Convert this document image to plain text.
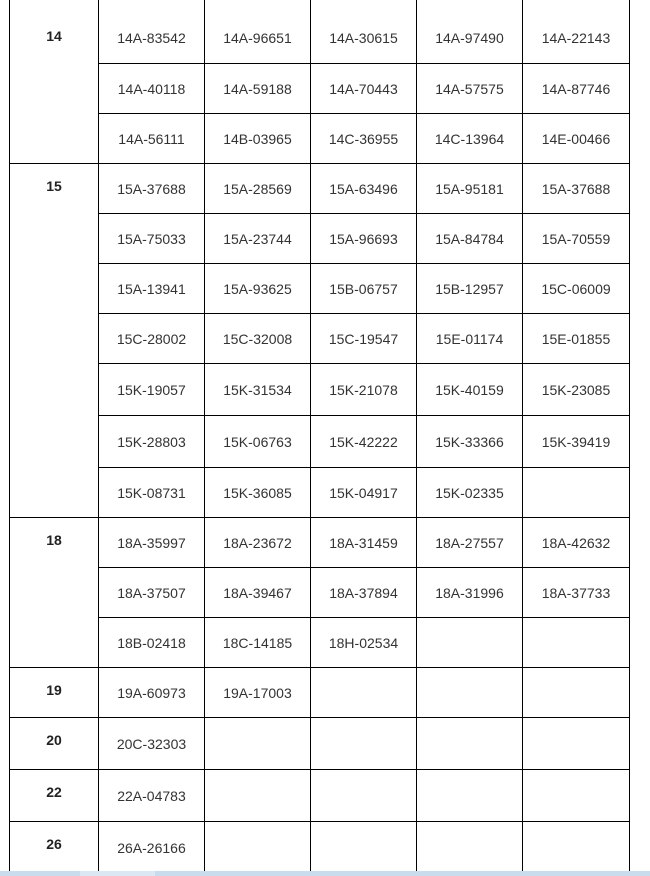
14	14A-83542	14A-96651	14A-30615	14A-97490	14A-22143
	14A-40118	14A-59188	14A-70443	14A-57575	14A-87746
	14A-56111	14B-03965	14C-36955	14C-13964	14E-00466
15	15A-37688	15A-28569	15A-63496	15A-95181	15A-37688
	15A-75033	15A-23744	15A-96693	15A-84784	15A-70559
	15A-13941	15A-93625	15B-06757	15B-12957	15C-06009
	15C-28002	15C-32008	15C-19547	15E-01174	15E-01855
	15K-19057	15K-31534	15K-21078	15K-40159	15K-23085
	15K-28803	15K-06763	15K-42222	15K-33366	15K-39419
	15K-08731	15K-36085	15K-04917	15K-02335	
18	18A-35997	18A-23672	18A-31459	18A-27557	18A-42632
	18A-37507	18A-39467	18A-37894	18A-31996	18A-37733
	18B-02418	18C-14185	18H-02534		
19	19A-60973	19A-17003			
20	20C-32303				
22	22A-04783				
26	26A-26166				
